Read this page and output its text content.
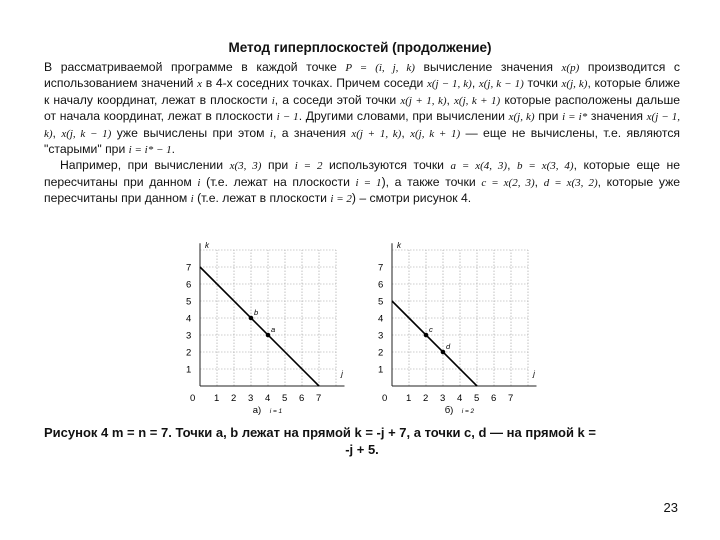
Метод гиперплоскостей (продолжение)

В рассматриваемой программе в каждой точке P = (i, j, k) вычисление значения x(p) производится с использованием значений x в 4-х соседних точках. Причем соседи x(j − 1, k), x(j, k − 1) точки x(j, k), которые ближе к началу координат, лежат в плоскости i, а соседи этой точки x(j + 1, k), x(j, k + 1) которые расположены дальше от начала координат, лежат в плоскости i − 1. Другими словами, при вычислении x(j, k) при i = i* значения x(j − 1, k), x(j, k − 1) уже вычислены при этом i, а значения x(j + 1, k), x(j, k + 1) — еще не вычислены, т.е. являются "старыми" при i = i* − 1.

Например, при вычислении x(3, 3) при i = 2 используются точки a = x(4, 3), b = x(3, 4), которые еще не пересчитаны при данном i (т.е. лежат на плоскости i = 1), а также точки c = x(2, 3), d = x(3, 2), которые уже пересчитаны при данном i (т.е. лежат в плоскости i = 2) – смотри рисунок 4.

k
j
1
2
3
4
5
6
7
0 1 2 3 4 5 6 7
b
a
a) i = 1
k
j
1
2
3
4
5
6
7
0 1 2 3 4 5 6 7
c
d
б) i = 2
Рисунок 4 m = n = 7. Точки a, b лежат на прямой k = -j + 7, а точки c, d — на прямой k =
-j + 5.
23
